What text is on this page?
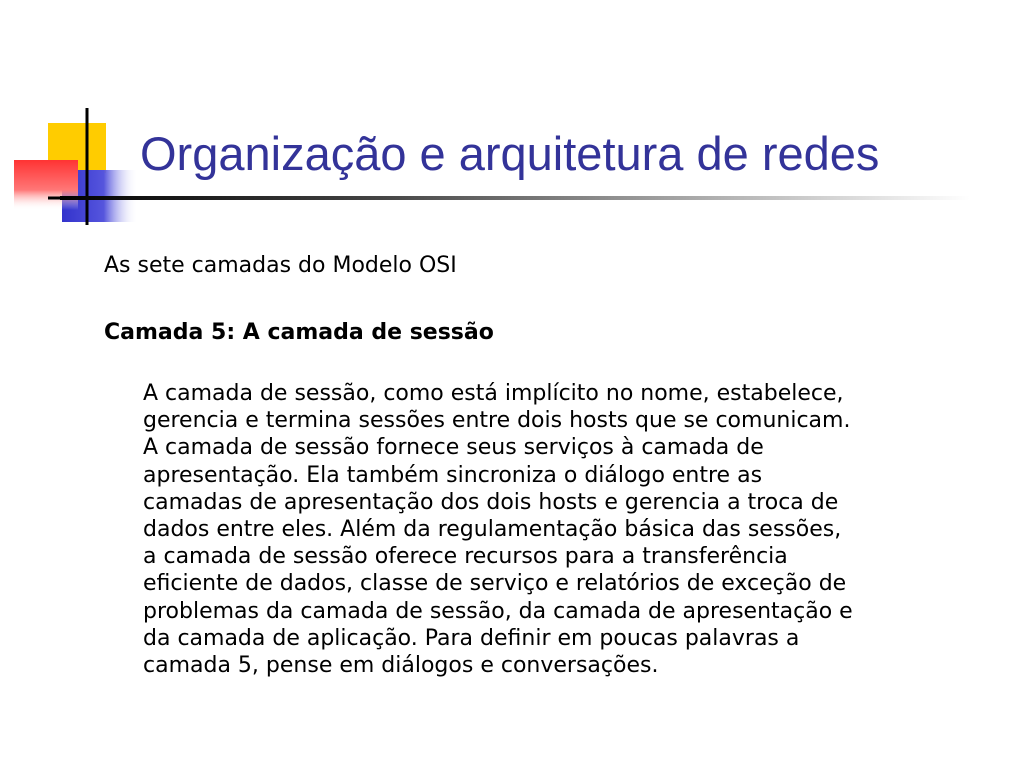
Organização e arquitetura de redes

As sete camadas do Modelo OSI

Camada 5: A camada de sessão

A camada de sessão, como está implícito no nome, estabelece,
gerencia e termina sessões entre dois hosts que se comunicam.
A camada de sessão fornece seus serviços à camada de
apresentação. Ela também sincroniza o diálogo entre as
camadas de apresentação dos dois hosts e gerencia a troca de
dados entre eles. Além da regulamentação básica das sessões,
a camada de sessão oferece recursos para a transferência
eficiente de dados, classe de serviço e relatórios de exceção de
problemas da camada de sessão, da camada de apresentação e
da camada de aplicação. Para definir em poucas palavras a
camada 5, pense em diálogos e conversações.
